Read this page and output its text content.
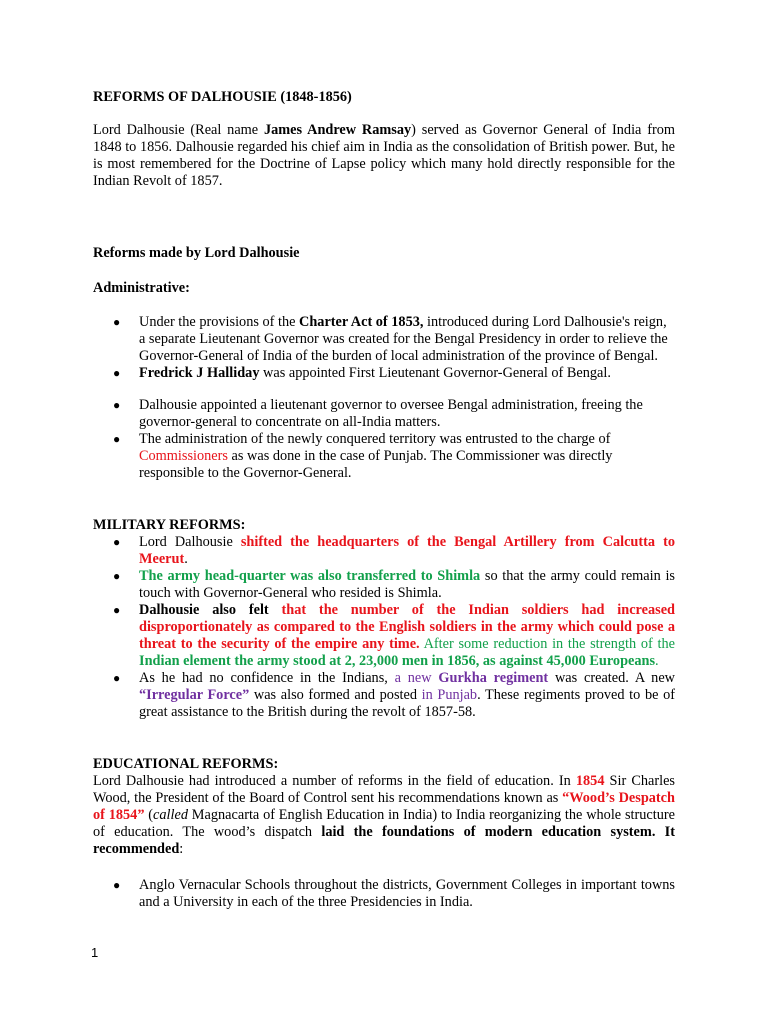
REFORMS OF DALHOUSIE (1848-1856)
Lord Dalhousie (Real name James Andrew Ramsay) served as Governor General of India from 1848 to 1856. Dalhousie regarded his chief aim in India as the consolidation of British power. But, he is most remembered for the Doctrine of Lapse policy which many hold directly responsible for the Indian Revolt of 1857.
Reforms made by Lord Dalhousie
Administrative:
● Under the provisions of the Charter Act of 1853, introduced during Lord Dalhousie's reign, a separate Lieutenant Governor was created for the Bengal Presidency in order to relieve the Governor-General of India of the burden of local administration of the province of Bengal.
● Fredrick J Halliday was appointed First Lieutenant Governor-General of Bengal.
● Dalhousie appointed a lieutenant governor to oversee Bengal administration, freeing the governor-general to concentrate on all-India matters.
● The administration of the newly conquered territory was entrusted to the charge of Commissioners as was done in the case of Punjab. The Commissioner was directly responsible to the Governor-General.
MILITARY REFORMS:
● Lord Dalhousie shifted the headquarters of the Bengal Artillery from Calcutta to Meerut.
● The army head-quarter was also transferred to Shimla so that the army could remain is touch with Governor-General who resided is Shimla.
● Dalhousie also felt that the number of the Indian soldiers had increased disproportionately as compared to the English soldiers in the army which could pose a threat to the security of the empire any time. After some reduction in the strength of the Indian element the army stood at 2, 23,000 men in 1856, as against 45,000 Europeans.
● As he had no confidence in the Indians, a new Gurkha regiment was created. A new “Irregular Force” was also formed and posted in Punjab. These regiments proved to be of great assistance to the British during the revolt of 1857-58.
EDUCATIONAL REFORMS:
Lord Dalhousie had introduced a number of reforms in the field of education. In 1854 Sir Charles Wood, the President of the Board of Control sent his recommendations known as “Wood’s Despatch of 1854” (called Magnacarta of English Education in India) to India reorganizing the whole structure of education. The wood’s dispatch laid the foundations of modern education system. It recommended:
● Anglo Vernacular Schools throughout the districts, Government Colleges in important towns and a University in each of the three Presidencies in India.
1
